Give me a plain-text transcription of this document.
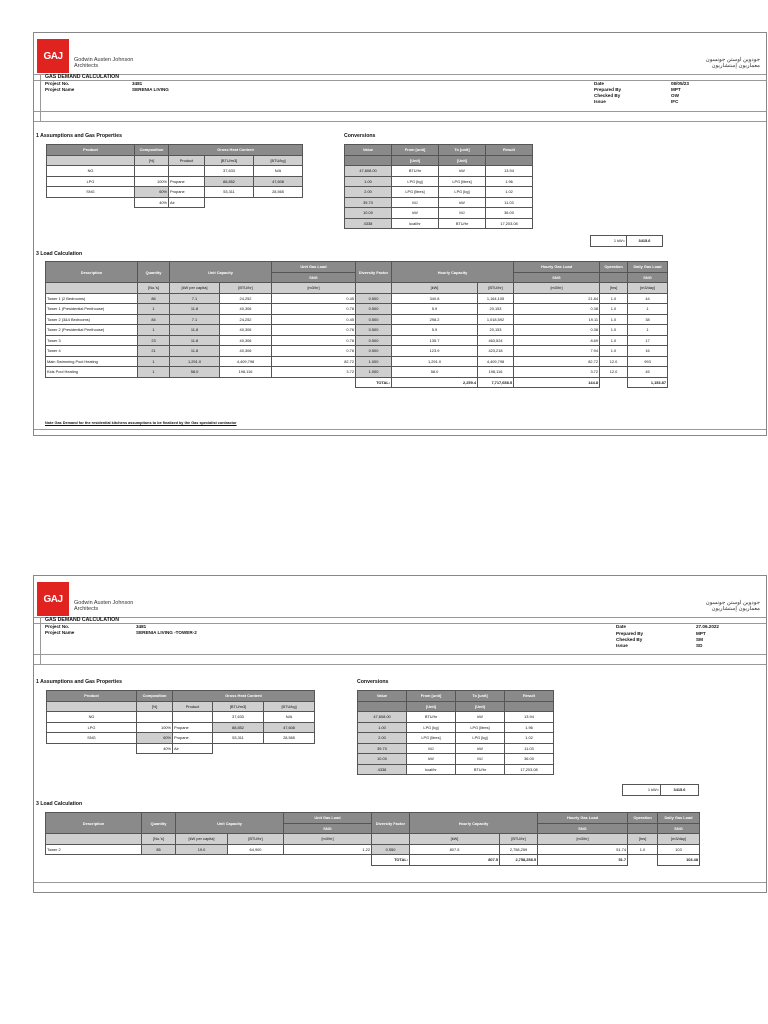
GAJ	Godwin Austen Johnson
Architects
جودوين اوستن جونسون
معماريون إستشاريون
GAS DEMAND CALCULATION
Project No.	3481
Project Name	SERENIA LIVING
Date	08/05/23
Prepared By	MPT
Checked By	OW
Issue	IFC
1 Assumptions and Gas Properties	Conversions
Product	Composition	Gross Heat Content		
	[%]	Product	[BTU/m3]	[BTU/kg]
NG			37,633	N/A
LPG	100%	Propane	88,852	47,608
SNG	60%	Propane	53,311	28,565
	40%	Air		
Value	From [unit]	To [unit]	Result
	[Unit]	[Unit]	
47,608.00	BTU/hr	kW	13.94
1.00	LPG [kg]	LPG [litres]	1.96
2.00	LPG [litres]	LPG [kg]	1.02
39.70	MJ	kW	11.03
10.00	kW	MJ	36.00
4338	kcal/hr	BTU/hr	17,203.08
1 kW=	3415.6
3 Load Calculation
Description	Quantity	Unit Capacity		Unit Gas Load	Diversity Factor	Hourly Capacity		Hourly Gas Load	Operation	Daily Gas Load
				SNG				SNG		SNG
	[No.'s]	[kW per capita]	[BTU/hr]	[m3/hr]		[kW]	[BTU/hr]	[m3/hr]	[hrs]	[m3/day]
Tower 1 (2 Bedrooms)	86	7.1	24,252	0.45	0.500	340.8	1,164,105	21.84	1.0	44
Tower 1 (Presidential Penthouse)	1	11.8	40,306	0.76	0.500	5.9	20,153	0.38	1.0	1
Tower 2 (3&4 Bedrooms)	84	7.1	24,252	0.45	0.500	298.2	1,018,592	19.11	1.0	38
Tower 2 (Presidential Penthouse)	1	11.8	40,306	0.76	0.500	5.9	20,153	0.38	1.0	1
Tower 3	23	11.8	40,306	0.76	0.500	135.7	463,524	8.69	1.0	17
Tower 4	21	11.8	40,306	0.76	0.500	123.9	423,218	7.94	1.0	16
Main Swimming Pool Heating	1	1,291.0	4,409,798	82.72	1.000	1,291.0	4,409,798	82.72	12.0	993
Kids Pool Heating	1	58.0	198,116	3.72	1.000	58.0	198,116	3.72	12.0	45
					TOTAL:	2,259.4	7,717,658.5	144.8		1,153.87
Note Gas Demand for the residential kitchens assumptions to be finalized by the Gas specialist contractor
GAJ	Godwin Austen Johnson
Architects
جودوين اوستن جونسون
معماريون إستشاريون
GAS DEMAND CALCULATION
Project No.	3481
Project Name	SERENIA LIVING -TOWER-2
Date	27.06.2022
Prepared By	MPT
Checked By	SM
Issue	SD
1 Assumptions and Gas Properties	Conversions
Product	Composition	Gross Heat Content		
	[%]	Product	[BTU/m3]	[BTU/kg]
NG			37,633	N/A
LPG	100%	Propane	88,852	47,608
SNG	60%	Propane	53,311	28,565
	40%	Air		
Value	From [unit]	To [unit]	Result
	[Unit]	[Unit]	
47,608.00	BTU/hr	kW	13.94
1.00	LPG [kg]	LPG [litres]	1.96
2.00	LPG [litres]	LPG [kg]	1.02
39.70	MJ	kW	11.03
10.00	kW	MJ	36.00
4338	kcal/hr	BTU/hr	17,203.08
1 kW=	3415.6
3 Load Calculation
Description	Quantity	Unit Capacity		Unit Gas Load	Diversity Factor	Hourly Capacity		Hourly Gas Load	Operation	Daily Gas Load
				SNG				SNG		SNG
	[No.'s]	[kW per capita]	[BTU/hr]	[m3/hr]		[kW]	[BTU/hr]	[m3/hr]	[hrs]	[m3/day]
Tower 2	85	19.0	64,900	1.22	0.550	807.5	2,758,259	51.74	1.0	103
					TOTAL:	807.5	2,758,258.5	51.7		103.48
